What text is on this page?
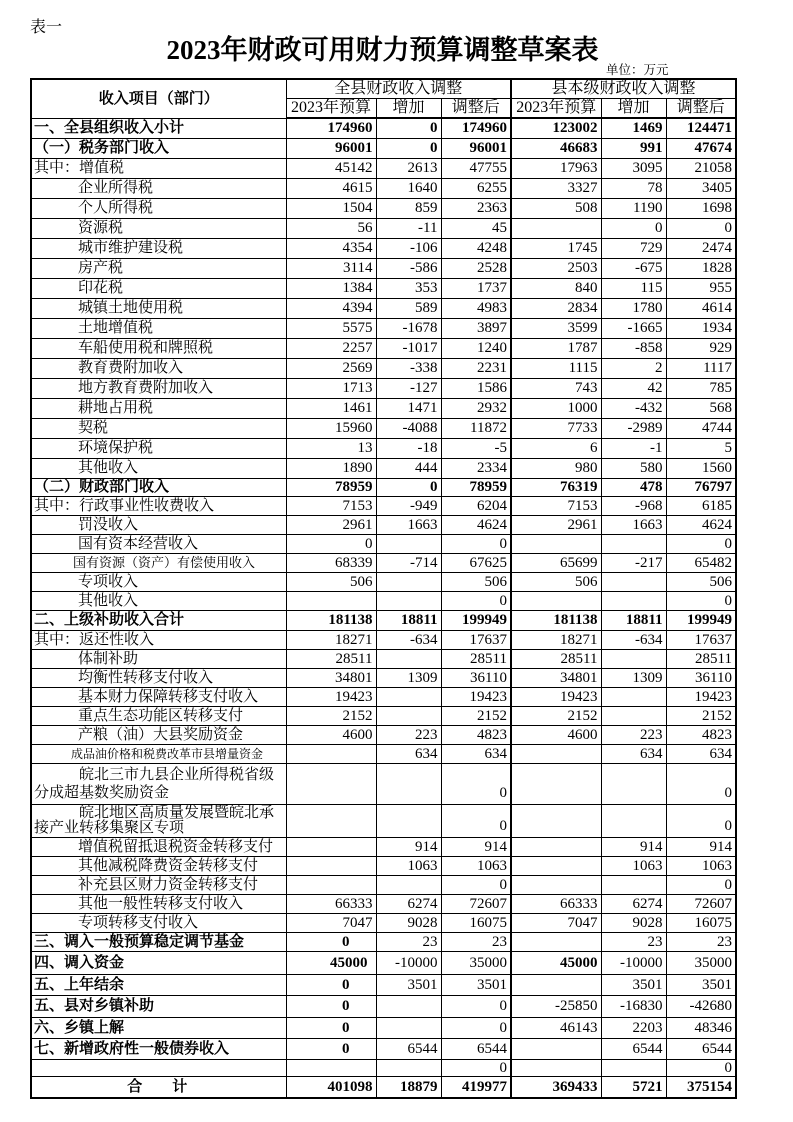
表一
2023年财政可用财力预算调整草案表
单位：万元
收入项目（部门）	全县财政收入调整			县本级财政收入调整		
	2023年预算	增加	调整后	2023年预算	增加	调整后
一、全县组织收入小计	174960	0	174960	123002	1469	124471
（一）税务部门收入	96001	0	96001	46683	991	47674
其中：增值税	45142	2613	47755	17963	3095	21058
企业所得税	4615	1640	6255	3327	78	3405
个人所得税	1504	859	2363	508	1190	1698
资源税	56	-11	45		0	0
城市维护建设税	4354	-106	4248	1745	729	2474
房产税	3114	-586	2528	2503	-675	1828
印花税	1384	353	1737	840	115	955
城镇土地使用税	4394	589	4983	2834	1780	4614
土地增值税	5575	-1678	3897	3599	-1665	1934
车船使用税和牌照税	2257	-1017	1240	1787	-858	929
教育费附加收入	2569	-338	2231	1115	2	1117
地方教育费附加收入	1713	-127	1586	743	42	785
耕地占用税	1461	1471	2932	1000	-432	568
契税	15960	-4088	11872	7733	-2989	4744
环境保护税	13	-18	-5	6	-1	5
其他收入	1890	444	2334	980	580	1560
（二）财政部门收入	78959	0	78959	76319	478	76797
其中：行政事业性收费收入	7153	-949	6204	7153	-968	6185
罚没收入	2961	1663	4624	2961	1663	4624
国有资本经营收入	0		0			0
国有资源（资产）有偿使用收入	68339	-714	67625	65699	-217	65482
专项收入	506		506	506		506
其他收入			0			0
二、上级补助收入合计	181138	18811	199949	181138	18811	199949
其中：返还性收入	18271	-634	17637	18271	-634	17637
体制补助	28511		28511	28511		28511
均衡性转移支付收入	34801	1309	36110	34801	1309	36110
基本财力保障转移支付收入	19423		19423	19423		19423
重点生态功能区转移支付	2152		2152	2152		2152
产粮（油）大县奖励资金	4600	223	4823	4600	223	4823
成品油价格和税费改革市县增量资金		634	634		634	634
皖北三市九县企业所得税省级
分成超基数奖励资金			0			0
皖北地区高质量发展暨皖北承
接产业转移集聚区专项			0			0
增值税留抵退税资金转移支付		914	914		914	914
其他减税降费资金转移支付		1063	1063		1063	1063
补充县区财力资金转移支付			0			0
其他一般性转移支付收入	66333	6274	72607	66333	6274	72607
专项转移支付收入	7047	9028	16075	7047	9028	16075
三、调入一般预算稳定调节基金	0	23	23		23	23
四、调入资金	45000	-10000	35000	45000	-10000	35000
五、上年结余	0	3501	3501		3501	3501
五、县对乡镇补助	0		0	-25850	-16830	-42680
六、乡镇上解	0		0	46143	2203	48346
七、新增政府性一般债券收入	0	6544	6544		6544	6544
			0			0
合　　计	401098	18879	419977	369433	5721	375154
